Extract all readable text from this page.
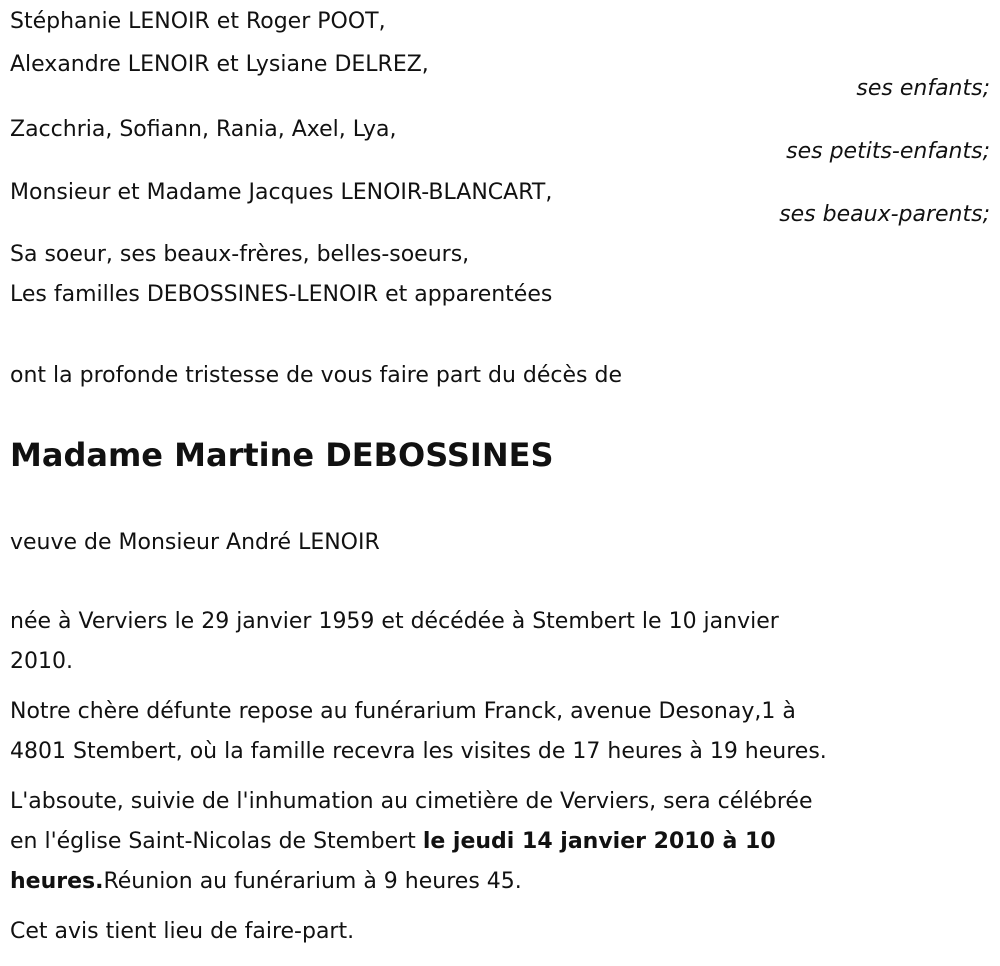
Stéphanie LENOIR et Roger POOT,
Alexandre LENOIR et Lysiane DELREZ,
ses enfants;
Zacchria, Sofiann, Rania, Axel, Lya,
ses petits-enfants;
Monsieur et Madame Jacques LENOIR-BLANCART,
ses beaux-parents;
Sa soeur, ses beaux-frères, belles-soeurs,
Les familles DEBOSSINES-LENOIR et apparentées
ont la profonde tristesse de vous faire part du décès de
Madame Martine DEBOSSINES
veuve de Monsieur André LENOIR
née à Verviers le 29 janvier 1959 et décédée à Stembert le 10 janvier
2010.
Notre chère défunte repose au funérarium Franck, avenue Desonay,1 à
4801 Stembert, où la famille recevra les visites de 17 heures à 19 heures.
L'absoute, suivie de l'inhumation au cimetière de Verviers, sera célébrée
en l'église Saint-Nicolas de Stembert le jeudi 14 janvier 2010 à 10
heures.Réunion au funérarium à 9 heures 45.
Cet avis tient lieu de faire-part.
